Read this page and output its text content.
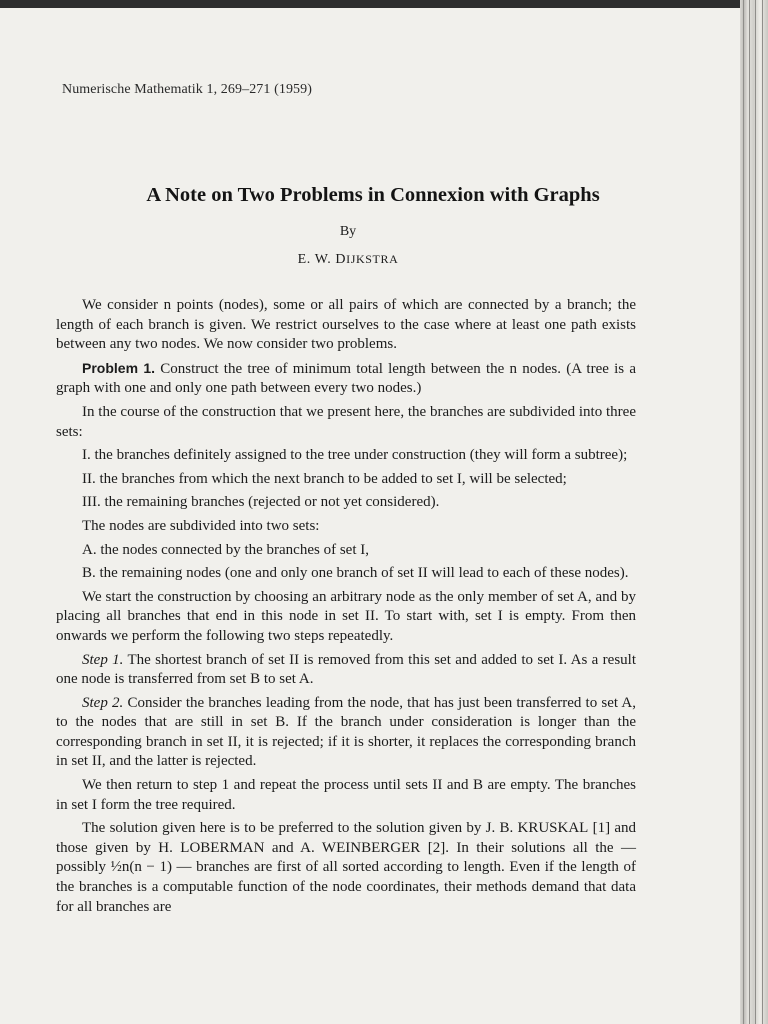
Numerische Mathematik 1, 269–271 (1959)
A Note on Two Problems in Connexion with Graphs
By
E. W. DIJKSTRA

We consider n points (nodes), some or all pairs of which are connected by a branch; the length of each branch is given. We restrict ourselves to the case where at least one path exists between any two nodes. We now consider two problems.

Problem 1. Construct the tree of minimum total length between the n nodes. (A tree is a graph with one and only one path between every two nodes.)

In the course of the construction that we present here, the branches are subdivided into three sets:

I. the branches definitely assigned to the tree under construction (they will form a subtree);

II. the branches from which the next branch to be added to set I, will be selected;

III. the remaining branches (rejected or not yet considered).

The nodes are subdivided into two sets:

A. the nodes connected by the branches of set I,

B. the remaining nodes (one and only one branch of set II will lead to each of these nodes).

We start the construction by choosing an arbitrary node as the only member of set A, and by placing all branches that end in this node in set II. To start with, set I is empty. From then onwards we perform the following two steps repeatedly.

Step 1. The shortest branch of set II is removed from this set and added to set I. As a result one node is transferred from set B to set A.

Step 2. Consider the branches leading from the node, that has just been transferred to set A, to the nodes that are still in set B. If the branch under consideration is longer than the corresponding branch in set II, it is rejected; if it is shorter, it replaces the corresponding branch in set II, and the latter is rejected.

We then return to step 1 and repeat the process until sets II and B are empty. The branches in set I form the tree required.

The solution given here is to be preferred to the solution given by J. B. KRUSKAL [1] and those given by H. LOBERMAN and A. WEINBERGER [2]. In their solutions all the — possibly ½n(n − 1) — branches are first of all sorted according to length. Even if the length of the branches is a computable function of the node coordinates, their methods demand that data for all branches are
